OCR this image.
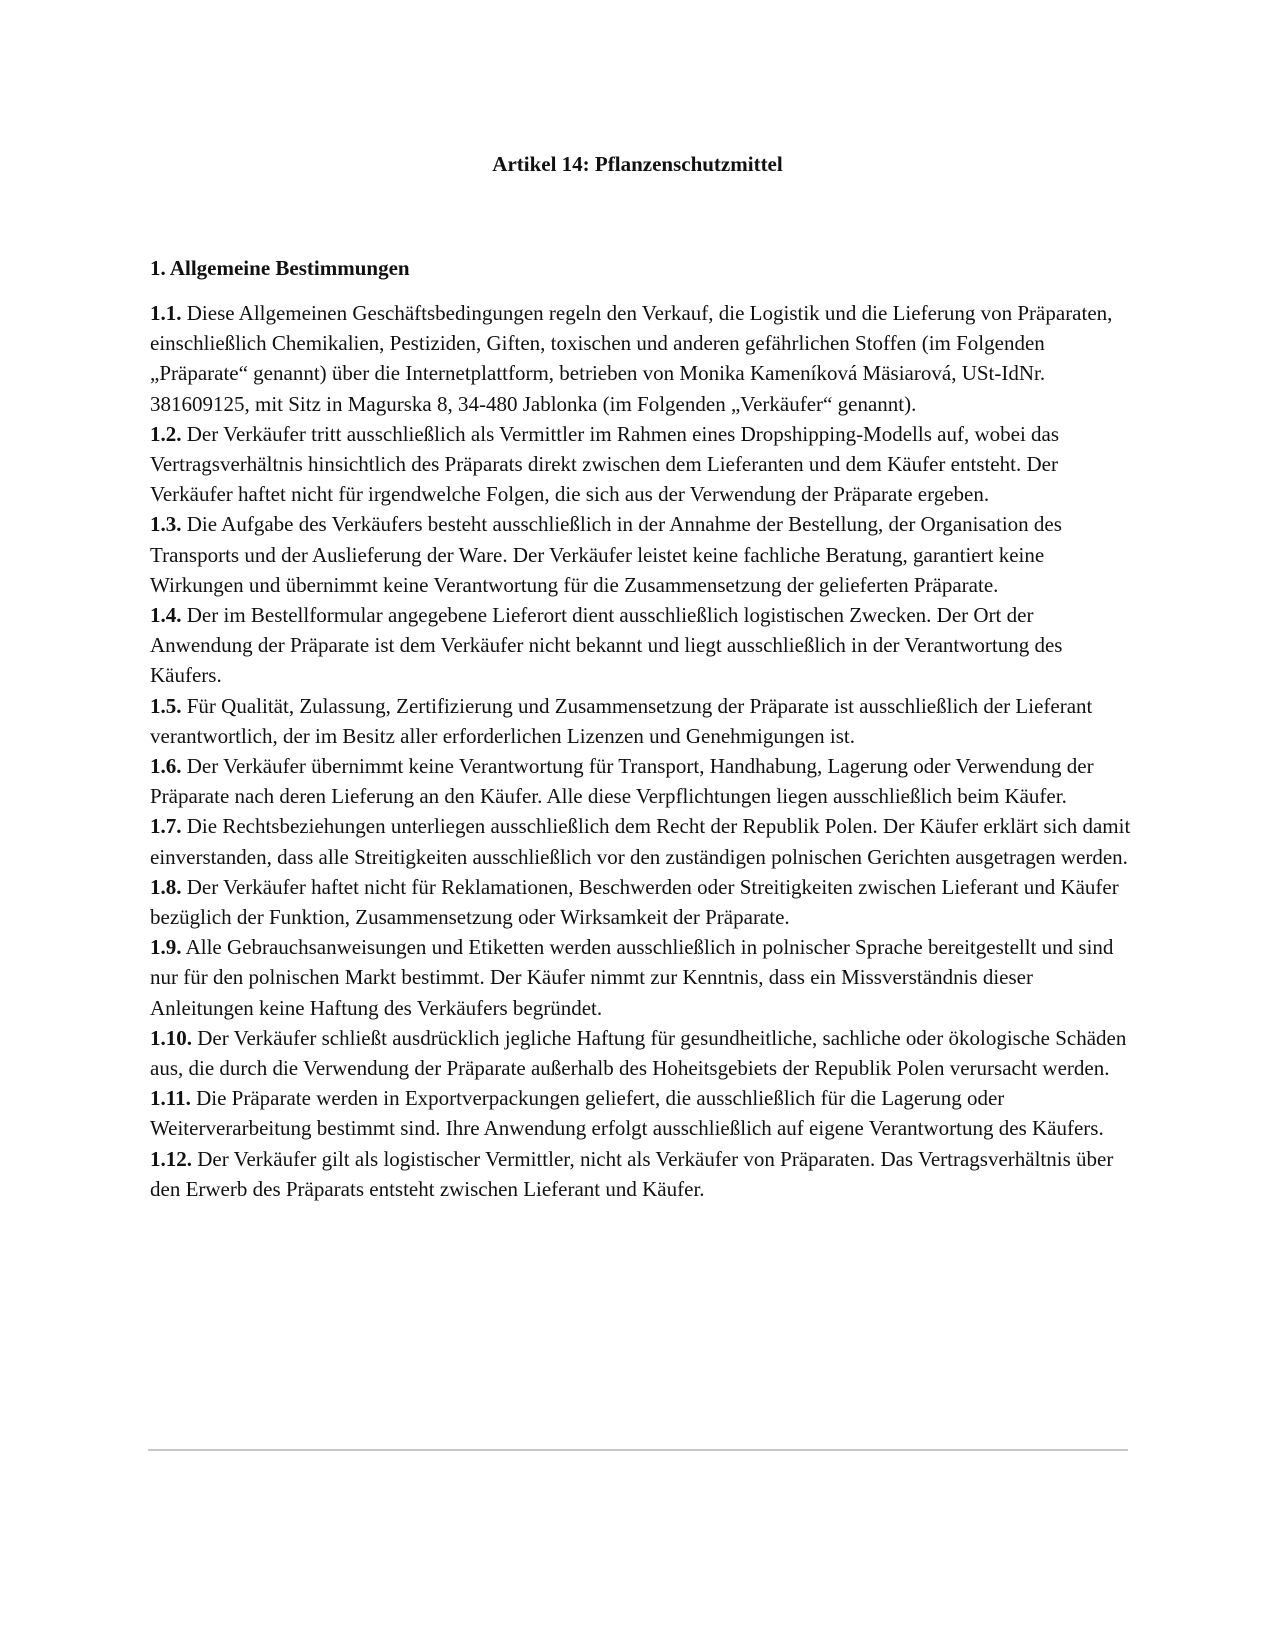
Artikel 14: Pflanzenschutzmittel
1. Allgemeine Bestimmungen

1.1. Diese Allgemeinen Geschäftsbedingungen regeln den Verkauf, die Logistik und die Lieferung von Präparaten, einschließlich Chemikalien, Pestiziden, Giften, toxischen und anderen gefährlichen Stoffen (im Folgenden „Präparate“ genannt) über die Internetplattform, betrieben von Monika Kameníková Mäsiarová, USt-IdNr. 381609125, mit Sitz in Magurska 8, 34-480 Jablonka (im Folgenden „Verkäufer“ genannt).

1.2. Der Verkäufer tritt ausschließlich als Vermittler im Rahmen eines Dropshipping-Modells auf, wobei das Vertragsverhältnis hinsichtlich des Präparats direkt zwischen dem Lieferanten und dem Käufer entsteht. Der Verkäufer haftet nicht für irgendwelche Folgen, die sich aus der Verwendung der Präparate ergeben.

1.3. Die Aufgabe des Verkäufers besteht ausschließlich in der Annahme der Bestellung, der Organisation des Transports und der Auslieferung der Ware. Der Verkäufer leistet keine fachliche Beratung, garantiert keine Wirkungen und übernimmt keine Verantwortung für die Zusammensetzung der gelieferten Präparate.

1.4. Der im Bestellformular angegebene Lieferort dient ausschließlich logistischen Zwecken. Der Ort der Anwendung der Präparate ist dem Verkäufer nicht bekannt und liegt ausschließlich in der Verantwortung des Käufers.

1.5. Für Qualität, Zulassung, Zertifizierung und Zusammensetzung der Präparate ist ausschließlich der Lieferant verantwortlich, der im Besitz aller erforderlichen Lizenzen und Genehmigungen ist.

1.6. Der Verkäufer übernimmt keine Verantwortung für Transport, Handhabung, Lagerung oder Verwendung der Präparate nach deren Lieferung an den Käufer. Alle diese Verpflichtungen liegen ausschließlich beim Käufer.

1.7. Die Rechtsbeziehungen unterliegen ausschließlich dem Recht der Republik Polen. Der Käufer erklärt sich damit einverstanden, dass alle Streitigkeiten ausschließlich vor den zuständigen polnischen Gerichten ausgetragen werden.

1.8. Der Verkäufer haftet nicht für Reklamationen, Beschwerden oder Streitigkeiten zwischen Lieferant und Käufer bezüglich der Funktion, Zusammensetzung oder Wirksamkeit der Präparate.

1.9. Alle Gebrauchsanweisungen und Etiketten werden ausschließlich in polnischer Sprache bereitgestellt und sind nur für den polnischen Markt bestimmt. Der Käufer nimmt zur Kenntnis, dass ein Missverständnis dieser Anleitungen keine Haftung des Verkäufers begründet.

1.10. Der Verkäufer schließt ausdrücklich jegliche Haftung für gesundheitliche, sachliche oder ökologische Schäden aus, die durch die Verwendung der Präparate außerhalb des Hoheitsgebiets der Republik Polen verursacht werden.

1.11. Die Präparate werden in Exportverpackungen geliefert, die ausschließlich für die Lagerung oder Weiterverarbeitung bestimmt sind. Ihre Anwendung erfolgt ausschließlich auf eigene Verantwortung des Käufers.

1.12. Der Verkäufer gilt als logistischer Vermittler, nicht als Verkäufer von Präparaten. Das Vertragsverhältnis über den Erwerb des Präparats entsteht zwischen Lieferant und Käufer.
